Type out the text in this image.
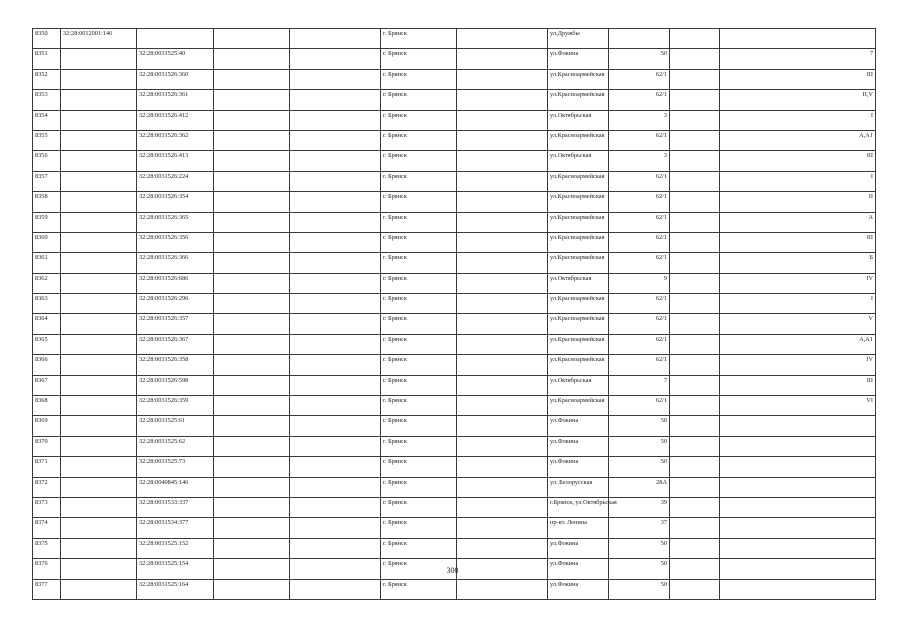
8350	32:28:0012001:146				г. Брянск		ул.Дружбы			
8351		32:28:0031525:40			г. Брянск		ул.Фокина	50		7
8352		32:28:0031526:360			г. Брянск		ул.Красноармейская	62/1		III
8353		32:28:0031526:361			г. Брянск		ул.Красноармейская	62/1		II,V
8354		32:28:0031526:412			г. Брянск		ул.Октябрьская	3		I
8355		32:28:0031526:362			г. Брянск		ул.Красноармейская	62/1		А,А1
8356		32:28:0031526:413			г. Брянск		ул.Октябрьская	3		III
8357		32:28:0031526:224			г. Брянск		ул.Красноармейская	62/1		I
8358		32:28:0031526:354			г. Брянск		ул.Красноармейская	62/1		II
8359		32:28:0031526:365			г. Брянск		ул.Красноармейская	62/1		А
8360		32:28:0031526:356			г. Брянск		ул.Красноармейская	62/1		III
8361		32:28:0031526:366			г. Брянск		ул.Красноармейская	62/1		Б
8362		32:28:0031526:686			г. Брянск		ул.Октябрьская	9		IV
8363		32:28:0031526:296			г. Брянск		ул.Красноармейская	62/1		I
8364		32:28:0031526:357			г. Брянск		ул.Красноармейская	62/1		V
8365		32:28:0031526:367			г. Брянск		ул.Красноармейская	62/1		А,А1
8366		32:28:0031526:358			г. Брянск		ул.Красноармейская	62/1		IV
8367		32:28:0031526:598			г. Брянск		ул.Октябрьская	7		III
8368		32:28:0031526:359			г. Брянск		ул.Красноармейская	62/1		VI
8369		32:28:0031525:61			г. Брянск		ул.Фокина	50		
8370		32:28:0031525:62			г. Брянск		ул.Фокина	50		
8371		32:28:0031525:73			г. Брянск		ул.Фокина	50		
8372		32:28:0040845:146			г. Брянск		ул. Белорусская	28А		
8373		32:28:0031533:337			г. Брянск		г.Брянск, ул.Октябрьская	39		
8374		32:28:0031534:377			г. Брянск		пр-кт. Ленина	37		
8375		32:28:0031525:152			г. Брянск		ул.Фокина	50		
8376		32:28:0031525:154			г. Брянск		ул.Фокина	50		
8377		32:28:0031525:164			г. Брянск		ул.Фокина	50		
300
